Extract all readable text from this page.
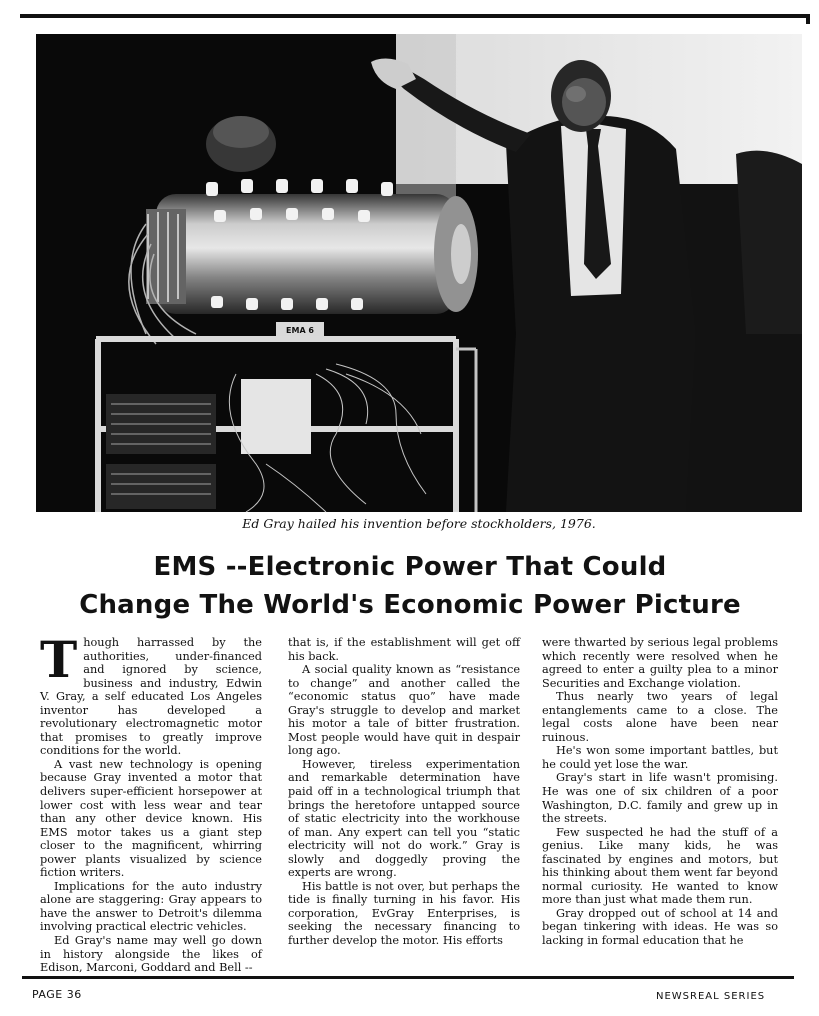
EMA 6
Ed Gray hailed his invention before stockholders, 1976.
EMS --Electronic Power That Could
Change The World's Economic Power Picture

Though harrassed by the authorities, under-financed and ignored by science, business and industry, Edwin V. Gray, a self educated Los Angeles inventor has developed a revolutionary electromagnetic motor that promises to greatly improve conditions for the world.

A vast new technology is opening because Gray invented a motor that delivers super-efficient horsepower at lower cost with less wear and tear than any other device known. His EMS motor takes us a giant step closer to the magnificent, whirring power plants visualized by science fiction writers.

Implications for the auto industry alone are staggering: Gray appears to have the answer to Detroit's dilemma involving practical electric vehicles.

Ed Gray's name may well go down in history alongside the likes of Edison, Marconi, Goddard and Bell --

that is, if the establishment will get off his back.

A social quality known as “resistance to change” and another called the “economic status quo” have made Gray's struggle to develop and market his motor a tale of bitter frustration. Most people would have quit in despair long ago.

However, tireless experimentation and remarkable determination have paid off in a technological triumph that brings the heretofore untapped source of static electricity into the workhouse of man. Any expert can tell you “static electricity will not do work.” Gray is slowly and doggedly proving the experts are wrong.

His battle is not over, but perhaps the tide is finally turning in his favor. His corporation, EvGray Enterprises, is seeking the necessary financing to further develop the motor. His efforts

were thwarted by serious legal problems which recently were resolved when he agreed to enter a guilty plea to a minor Securities and Exchange violation.

Thus nearly two years of legal entanglements came to a close. The legal costs alone have been near ruinous.

He's won some important battles, but he could yet lose the war.

Gray's start in life wasn't promising. He was one of six children of a poor Washington, D.C. family and grew up in the streets.

Few suspected he had the stuff of a genius. Like many kids, he was fascinated by engines and motors, but his thinking about them went far beyond normal curiosity. He wanted to know more than just what made them run.

Gray dropped out of school at 14 and began tinkering with ideas. He was so lacking in formal education that he

PAGE 36	NEWSREAL SERIES
